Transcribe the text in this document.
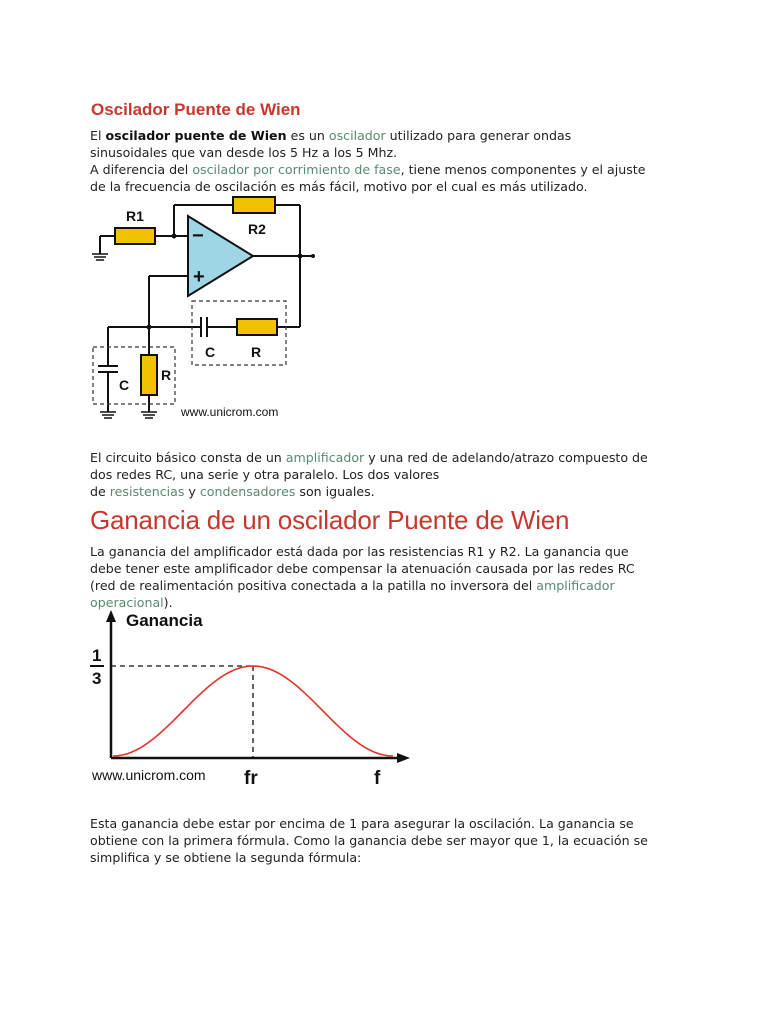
Oscilador Puente de Wien

El oscilador puente de Wien es un oscilador utilizado para generar ondas
sinusoidales que van desde los 5 Hz a los 5 Mhz.
A diferencia del oscilador por corrimiento de fase, tiene menos componentes y el ajuste
de la frecuencia de oscilación es más fácil, motivo por el cual es más utilizado.

−
+
R1
R2
C	R
C
R
www.unicrom.com

El circuito básico consta de un amplificador y una red de adelando/atrazo compuesto de
dos redes RC, una serie y otra paralelo. Los dos valores
de resistencias y condensadores son iguales.

Ganancia de un oscilador Puente de Wien

La ganancia del amplificador está dada por las resistencias R1 y R2. La ganancia que
debe tener este amplificador debe compensar la atenuación causada por las redes RC
(red de realimentación positiva conectada a la patilla no inversora del amplificador
operacional).

Ganancia
1
3
www.unicrom.com fr	f

Esta ganancia debe estar por encima de 1 para asegurar la oscilación. La ganancia se
obtiene con la primera fórmula. Como la ganancia debe ser mayor que 1, la ecuación se
simplifica y se obtiene la segunda fórmula:
